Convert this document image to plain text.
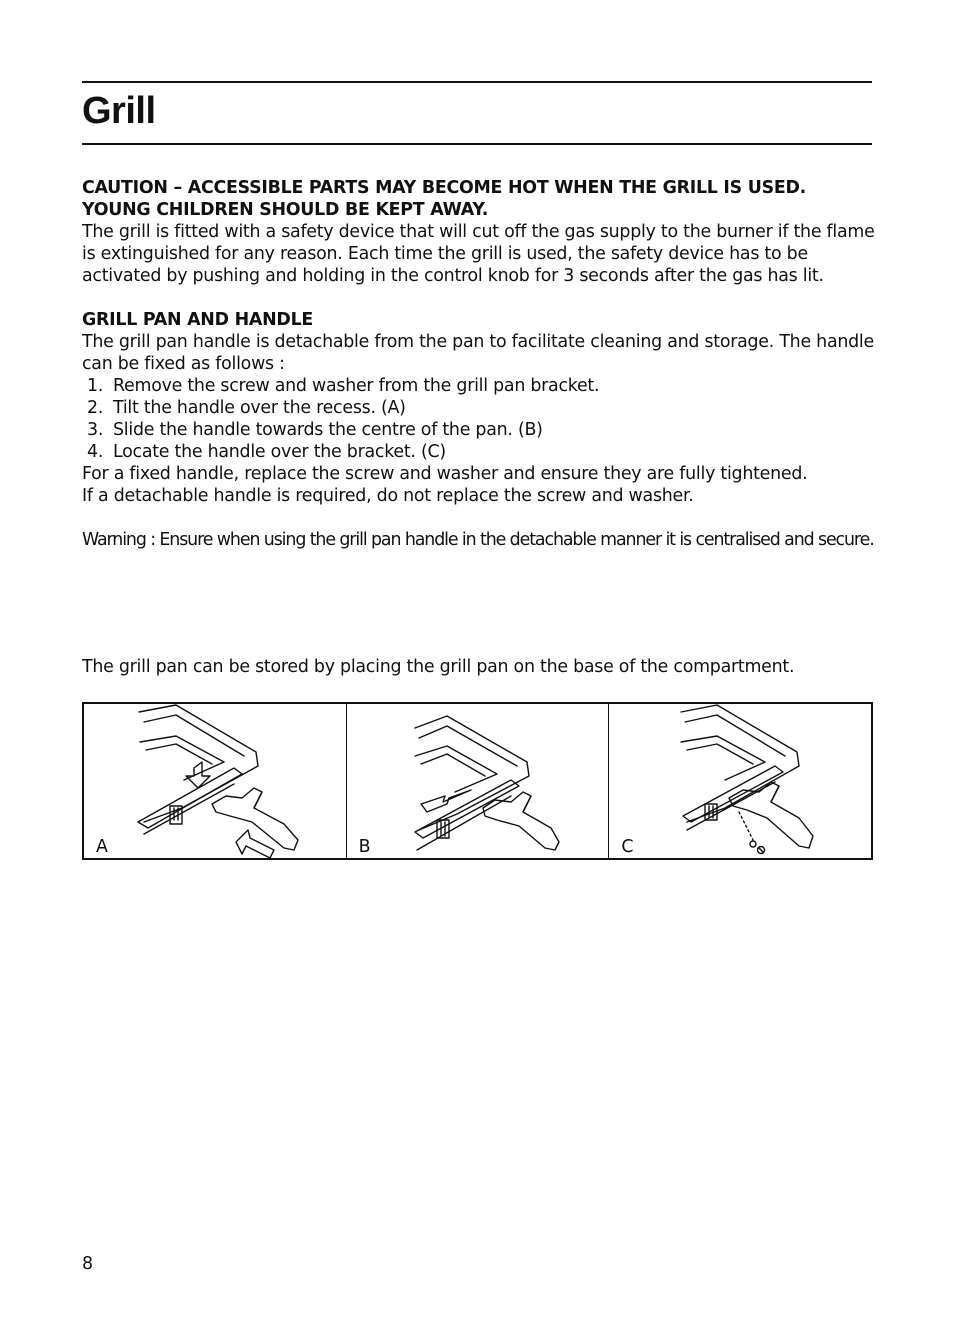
Grill

CAUTION – ACCESSIBLE PARTS MAY BECOME HOT WHEN THE GRILL IS USED.

YOUNG CHILDREN SHOULD BE KEPT AWAY.

The grill is fitted with a safety device that will cut off the gas supply to the burner if the flame is extinguished for any reason. Each time the grill is used, the safety device has to be activated by pushing and holding in the control knob for 3 seconds after the gas has lit.

GRILL PAN AND HANDLE

The grill pan handle is detachable from the pan to facilitate cleaning and storage. The handle can be fixed as follows :

1. Remove the screw and washer from the grill pan bracket.
2. Tilt the handle over the recess. (A)
3. Slide the handle towards the centre of the pan. (B)
4. Locate the handle over the bracket. (C)

For a fixed handle, replace the screw and washer and ensure they are fully tightened.

If a detachable handle is required, do not replace the screw and washer.

Warning : Ensure when using the grill pan handle in the detachable manner it is centralised and secure.

The grill pan can be stored by placing the grill pan on the base of the compartment.

A	B	C
8
